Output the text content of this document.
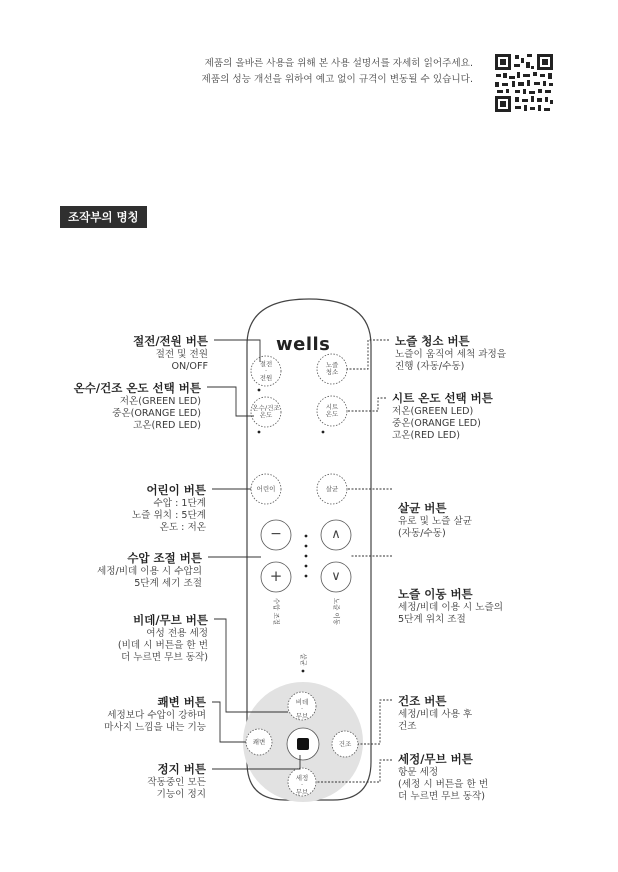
제품의 올바른 사용을 위해 본 사용 설명서를 자세히 읽어주세요.
제품의 성능 개선을 위하여 예고 없이 규격이 변동될 수 있습니다.
조작부의 명칭
wells
절전
·
전원
노즐
청소
온수/건조
온도
시트
온도
어린이	살균
−
+
∧
∨
수압 조절	노즐 이동
살균
비데
·
무브
쾌변	건조
세정
·
무브
절전/전원 버튼
절전 및 전원
ON/OFF
온수/건조 온도 선택 버튼
저온(GREEN LED)
중온(ORANGE LED)
고온(RED LED)
어린이 버튼
수압 : 1단계
노즐 위치 : 5단계
온도 : 저온
수압 조절 버튼
세정/비데 이용 시 수압의
5단계 세기 조절
비데/무브 버튼
여성 전용 세정
(비데 시 버튼을 한 번
더 누르면 무브 동작)
쾌변 버튼
세정보다 수압이 강하며
마사지 느낌을 내는 기능
정지 버튼
작동중인 모든
기능이 정지
노즐 청소 버튼
노즐이 움직여 세척 과정을
진행 (자동/수동)
시트 온도 선택 버튼
저온(GREEN LED)
중온(ORANGE LED)
고온(RED LED)
살균 버튼
유로 및 노즐 살균
(자동/수동)
노즐 이동 버튼
세정/비데 이용 시 노즐의
5단계 위치 조절
건조 버튼
세정/비데 사용 후
건조
세정/무브 버튼
항문 세정
(세정 시 버튼을 한 번
더 누르면 무브 동작)
